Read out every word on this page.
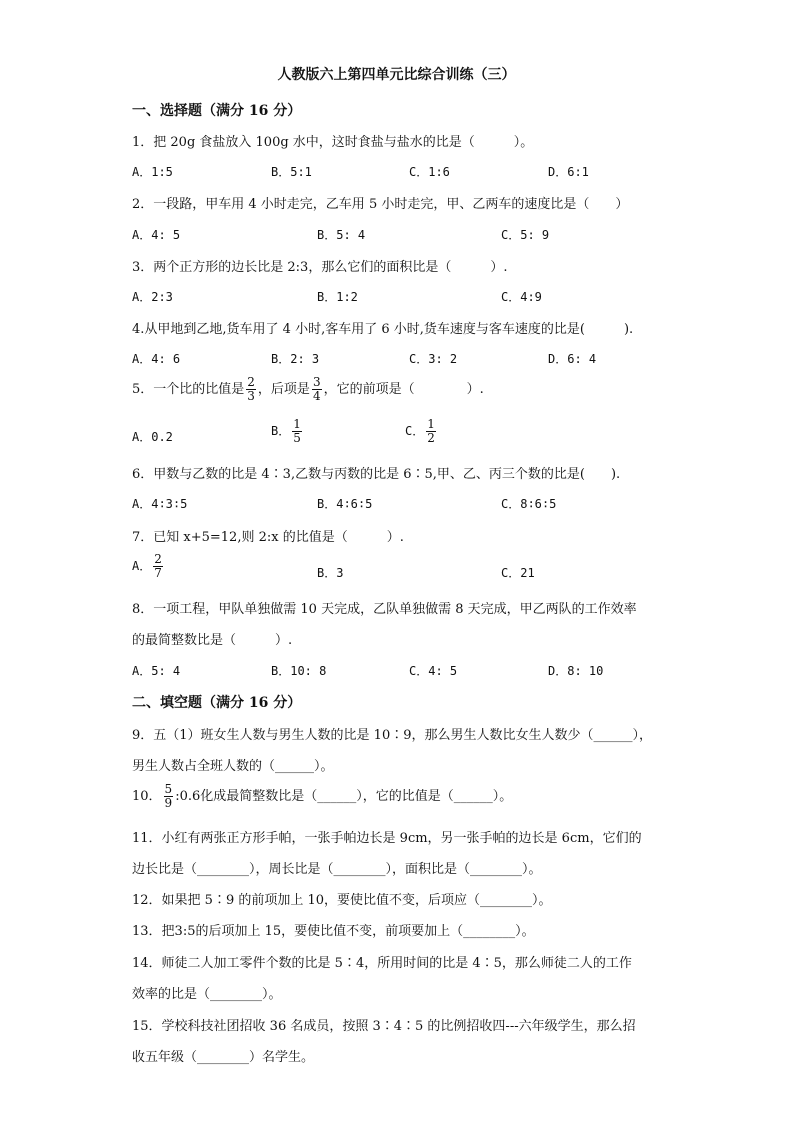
人教版六上第四单元比综合训练（三）
一、选择题（满分 16 分）
1．把 20g 食盐放入 100g 水中，这时食盐与盐水的比是（　　　）。
A．1:5	B．5:1	C．1:6	D．6:1
2．一段路，甲车用 4 小时走完，乙车用 5 小时走完，甲、乙两车的速度比是（　　）
A．4: 5	B．5: 4	C．5: 9
3．两个正方形的边长比是 2:3，那么它们的面积比是（　　　）.
A．2:3	B．1:2	C．4:9
4.从甲地到乙地,货车用了 4 小时,客车用了 6 小时,货车速度与客车速度的比是(　　　).
A．4: 6	B．2: 3	C．3: 2	D．6: 4
5．一个比的比值是 $\frac{2}{3}$ ，后项是 $\frac{3}{4}$ ，它的前项是（　　　　）.
A．0.2	B． $\frac{1}{5}$	C． $\frac{1}{2}$
6．甲数与乙数的比是 4∶3,乙数与丙数的比是 6∶5,甲、乙、丙三个数的比是(　　).
A．4∶3∶5	B．4∶6∶5	C．8∶6∶5
7．已知 x+5=12,则 2:x 的比值是（　　　）.
A． $\frac{2}{7}$	B．3	C．21
8．一项工程，甲队单独做需 10 天完成，乙队单独做需 8 天完成，甲乙两队的工作效率
的最简整数比是（　　　）.
A．5: 4	B．10: 8	C．4: 5	D．8: 10
二、填空题（满分 16 分）
9．五（1）班女生人数与男生人数的比是 10∶9，那么男生人数比女生人数少（______），
男生人数占全班人数的（______）。
10． $\frac{5}{9}$ :0.6化成最简整数比是（______），它的比值是（______）。
11．小红有两张正方形手帕，一张手帕边长是 9cm，另一张手帕的边长是 6cm，它们的
边长比是（________），周长比是（________），面积比是（________）。
12．如果把 5∶9 的前项加上 10，要使比值不变，后项应（________）。
13．把3:5的后项加上 15，要使比值不变，前项要加上（________）。
14．师徒二人加工零件个数的比是 5∶4，所用时间的比是 4∶5，那么师徒二人的工作
效率的比是（________）。
15．学校科技社团招收 36 名成员，按照 3∶4∶5 的比例招收四---六年级学生，那么招
收五年级（________）名学生。
